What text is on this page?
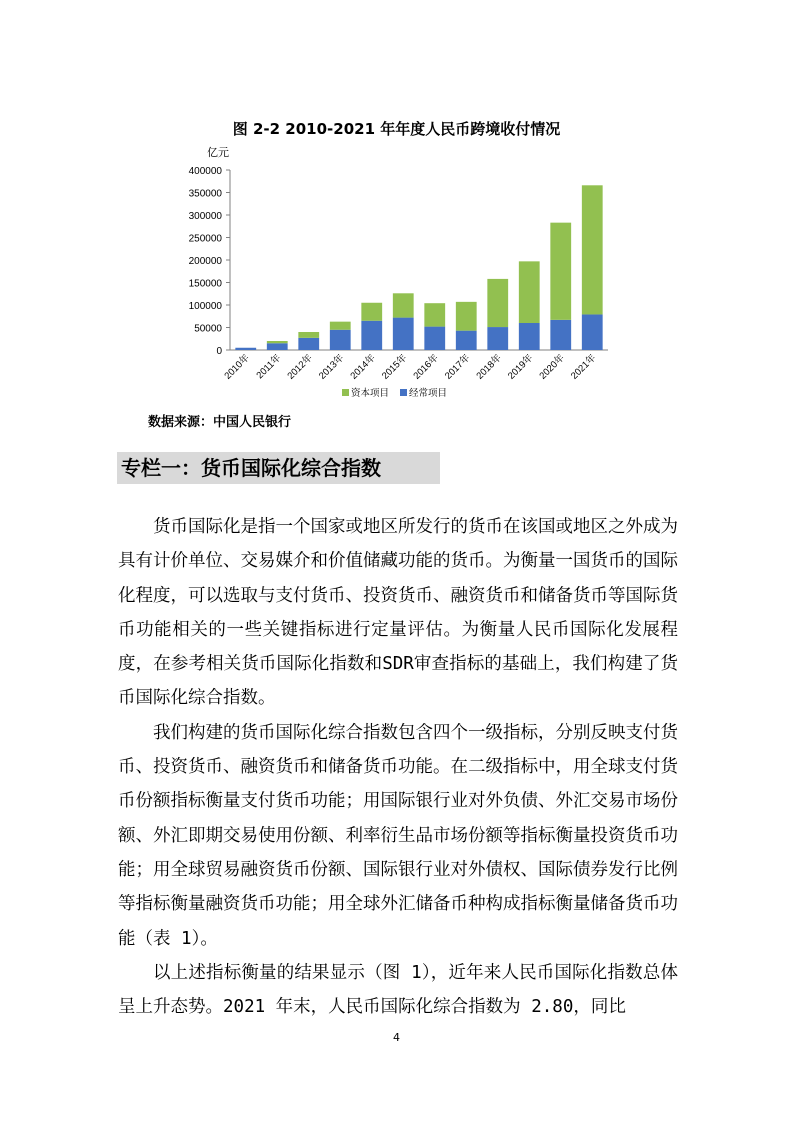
图 2-2 2010-2021 年年度人民币跨境收付情况
亿元
0
50000
100000
150000
200000
250000
300000
350000
400000
2010年 2011年 2012年 2013年 2014年 2015年 2016年 2017年 2018年 2019年 2020年 2021年
资本项目 经常项目
数据来源：中国人民银行
专栏一：货币国际化综合指数

货币国际化是指一个国家或地区所发行的货币在该国或地区之外成为具有计价单位、交易媒介和价值储藏功能的货币。为衡量一国货币的国际化程度，可以选取与支付货币、投资货币、融资货币和储备货币等国际货币功能相关的一些关键指标进行定量评估。为衡量人民币国际化发展程度，在参考相关货币国际化指数和SDR审查指标的基础上，我们构建了货币国际化综合指数。

我们构建的货币国际化综合指数包含四个一级指标，分别反映支付货币、投资货币、融资货币和储备货币功能。在二级指标中，用全球支付货币份额指标衡量支付货币功能；用国际银行业对外负债、外汇交易市场份额、外汇即期交易使用份额、利率衍生品市场份额等指标衡量投资货币功能；用全球贸易融资货币份额、国际银行业对外债权、国际债券发行比例等指标衡量融资货币功能；用全球外汇储备币种构成指标衡量储备货币功能（表 1）。

以上述指标衡量的结果显示（图 1），近年来人民币国际化指数总体呈上升态势。2021 年末，人民币国际化综合指数为 2.80，同比

4
